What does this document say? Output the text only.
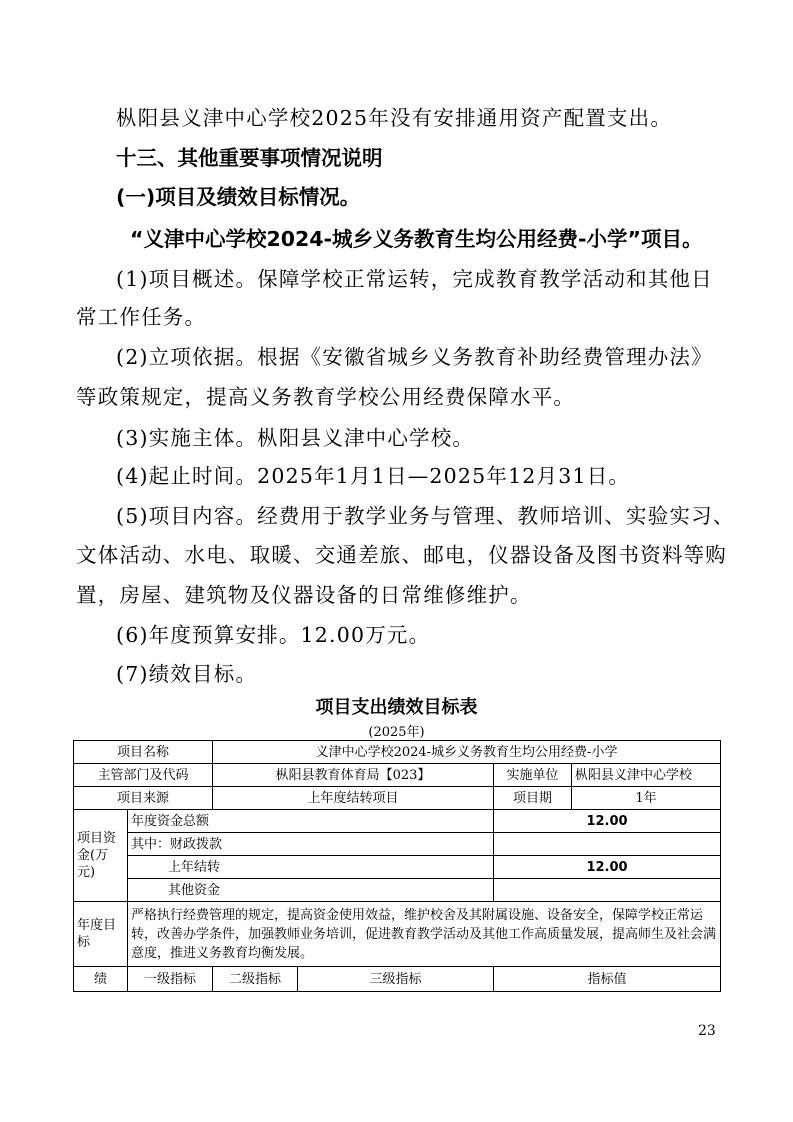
枞阳县义津中心学校2025年没有安排通用资产配置支出。
十三、其他重要事项情况说明
(一)项目及绩效目标情况。
“义津中心学校2024-城乡义务教育生均公用经费-小学”项目。
(1)项目概述。保障学校正常运转，完成教育教学活动和其他日
常工作任务。
(2)立项依据。根据《安徽省城乡义务教育补助经费管理办法》
等政策规定，提高义务教育学校公用经费保障水平。
(3)实施主体。枞阳县义津中心学校。
(4)起止时间。2025年1月1日—2025年12月31日。
(5)项目内容。经费用于教学业务与管理、教师培训、实验实习、
文体活动、水电、取暖、交通差旅、邮电，仪器设备及图书资料等购
置，房屋、建筑物及仪器设备的日常维修维护。
(6)年度预算安排。12.00万元。
(7)绩效目标。
项目支出绩效目标表
(2025年)
项目名称		义津中心学校2024-城乡义务教育生均公用经费-小学			
主管部门及代码		枞阳县教育体育局【023】		实施单位	枞阳县义津中心学校
项目来源		上年度结转项目		项目期	1年
项目资金(万元)	年度资金总额			12.00	
	其中：财政拨款				
	上年结转			12.00	
	其他资金				
年度目标	严格执行经费管理的规定，提高资金使用效益，维护校舍及其附属设施、设备安全，保障学校正常运转，改善办学条件，加强教师业务培训，促进教育教学活动及其他工作高质量发展，提高师生及社会满意度，推进义务教育均衡发展。				
绩	一级指标	二级指标	三级指标	指标值	
23
